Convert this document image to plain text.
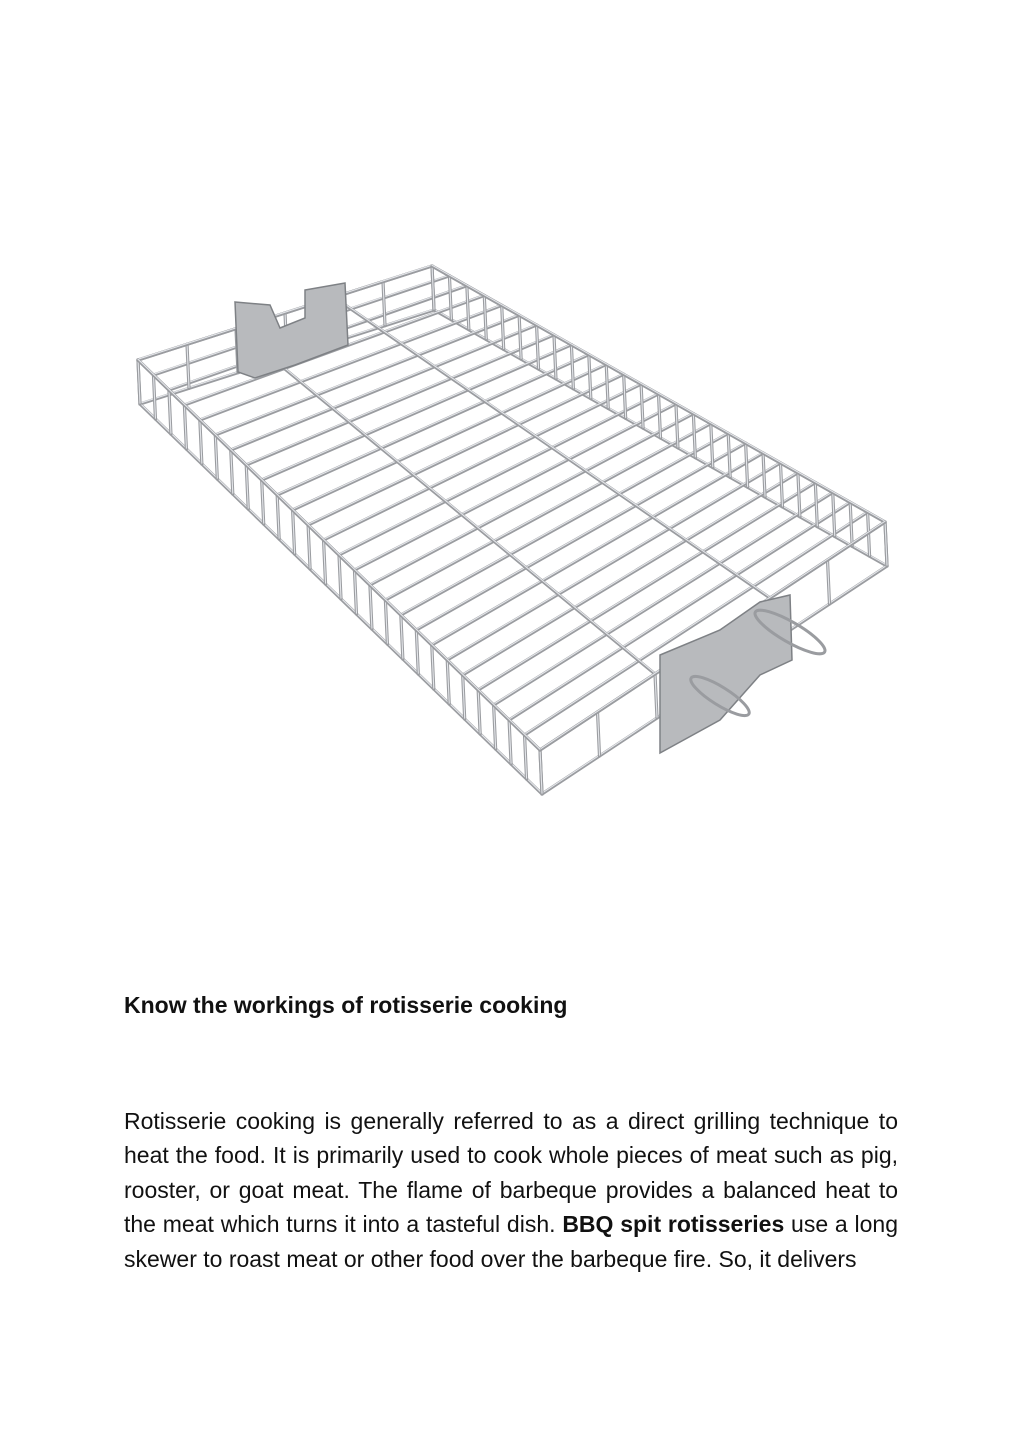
Know the workings of rotisserie cooking

Rotisserie cooking is generally referred to as a direct grilling technique to heat the food. It is primarily used to cook whole pieces of meat such as pig, rooster, or goat meat. The flame of barbeque provides a balanced heat to the meat which turns it into a tasteful dish. BBQ spit rotisseries use a long skewer to roast meat or other food over the barbeque fire. So, it delivers
